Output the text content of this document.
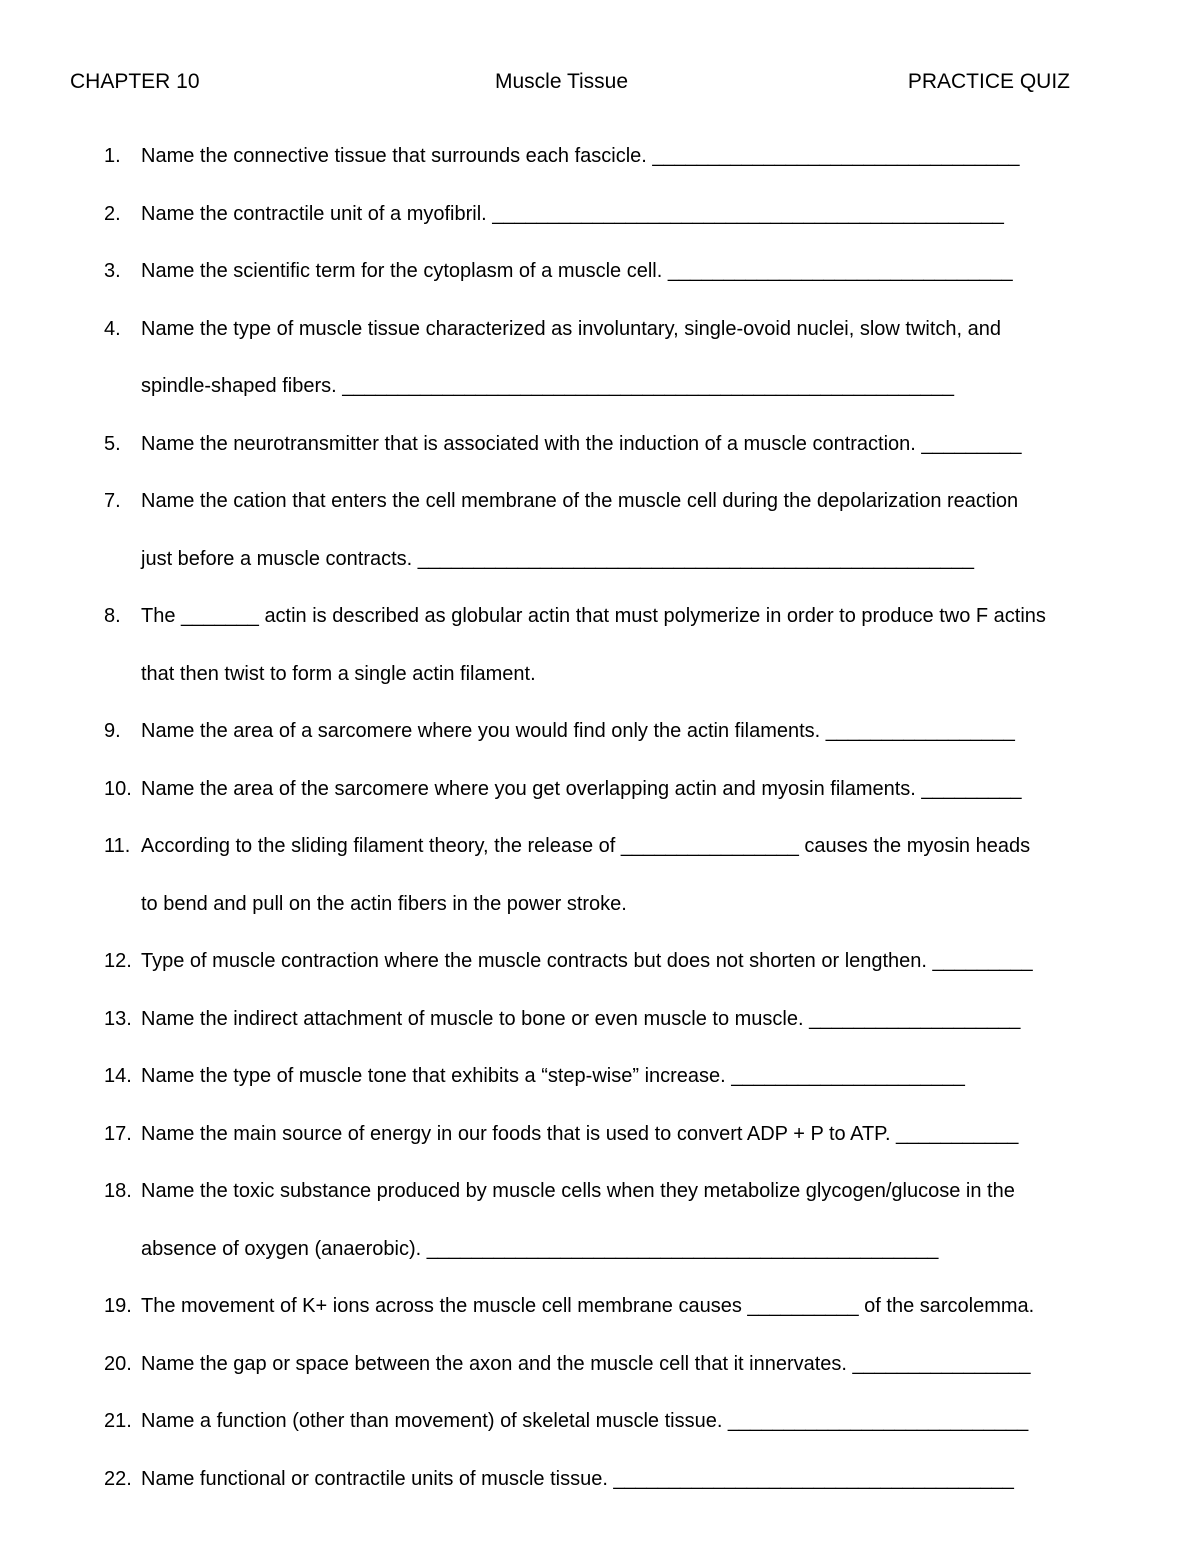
CHAPTER 10	Muscle Tissue	PRACTICE QUIZ
1. Name the connective tissue that surrounds each fascicle. _________________________________
2. Name the contractile unit of a myofibril. ______________________________________________
3. Name the scientific term for the cytoplasm of a muscle cell. _______________________________
4. Name the type of muscle tissue characterized as involuntary, single-ovoid nuclei, slow twitch, and
spindle-shaped fibers. _______________________________________________________
5. Name the neurotransmitter that is associated with the induction of a muscle contraction. _________
7. Name the cation that enters the cell membrane of the muscle cell during the depolarization reaction
just before a muscle contracts. __________________________________________________
8. The _______ actin is described as globular actin that must polymerize in order to produce two F actins
that then twist to form a single actin filament.
9. Name the area of a sarcomere where you would find only the actin filaments. _________________
10. Name the area of the sarcomere where you get overlapping actin and myosin filaments. _________
11. According to the sliding filament theory, the release of ________________ causes the myosin heads
to bend and pull on the actin fibers in the power stroke.
12. Type of muscle contraction where the muscle contracts but does not shorten or lengthen. _________
13. Name the indirect attachment of muscle to bone or even muscle to muscle. ___________________
14. Name the type of muscle tone that exhibits a “step-wise” increase. _____________________
17. Name the main source of energy in our foods that is used to convert ADP + P to ATP. ___________
18. Name the toxic substance produced by muscle cells when they metabolize glycogen/glucose in the
absence of oxygen (anaerobic). ______________________________________________
19. The movement of K+ ions across the muscle cell membrane causes __________ of the sarcolemma.
20. Name the gap or space between the axon and the muscle cell that it innervates. ________________
21. Name a function (other than movement) of skeletal muscle tissue. ___________________________
22. Name functional or contractile units of muscle tissue. ____________________________________
